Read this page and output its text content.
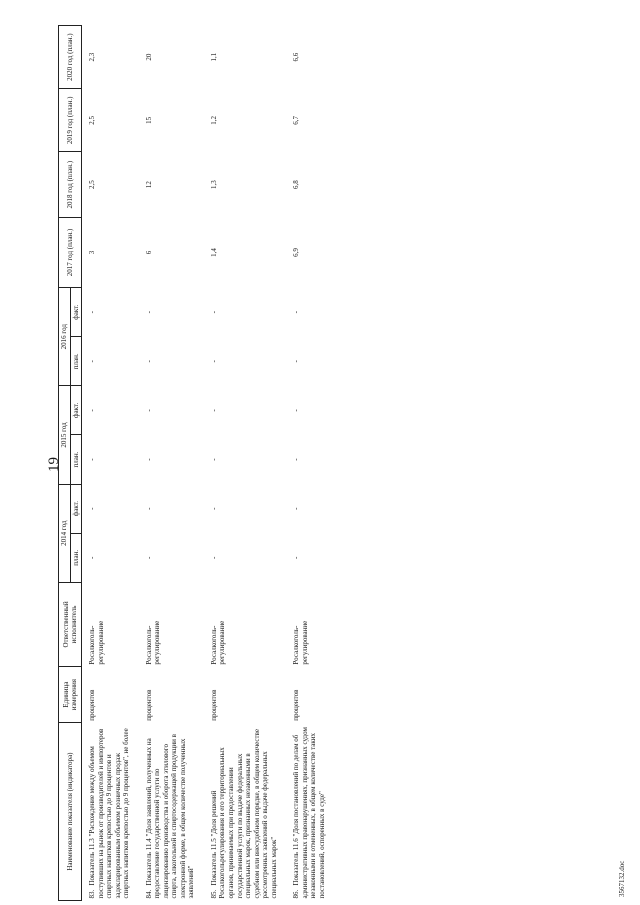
19
Наименование показателя (индикатора)	Единица измерения	Ответственный исполнитель	2014 год		2015 год		2016 год		2017 год (план.)	2018 год (план.)	2019 год (план.)	2020 год (план.)
			план.	факт.	план.	факт.	план.	факт.				
83.Показатель 11.3 "Расхождение между объемом поступивших на рынок от производителей и импортеров спиртных напитков крепостью до 9 процентов и задекларированным объемом розничных продаж спиртных напитков крепостью до 9 процентов", не более	процентов	Росалкоголь-регулирование	-	-	-	-	-	-	3	2,5	2,5	2,3
84.Показатель 11.4 "Доля заявлений, полученных на предоставление государственной услуги по лицензированию производства и оборота этилового спирта, алкогольной и спиртосодержащей продукции в электронной форме, в общем количестве полученных заявлений"	процентов	Росалкоголь-регулирование	-	-	-	-	-	-	6	12	15	20
85.Показатель 11.5 "Доля решений Росалкогольрегулирования и его территориальных органов, принимаемых при предоставлении государственной услуги по выдаче федеральных специальных марок, признанных незаконными в судебном или внесудебном порядке, в общем количестве рассмотренных заявлений о выдаче федеральных специальных марок"	процентов	Росалкоголь-регулирование	-	-	-	-	-	-	1,4	1,3	1,2	1,1
86.Показатель 11.6 "Доля постановлений по делам об административных правонарушениях, признанных судом незаконными и отмененных, в общем количестве таких постановлений, оспоренных в суде"	процентов	Росалкоголь-регулирование	-	-	-	-	-	-	6,9	6,8	6,7	6,6
3567132.doc
